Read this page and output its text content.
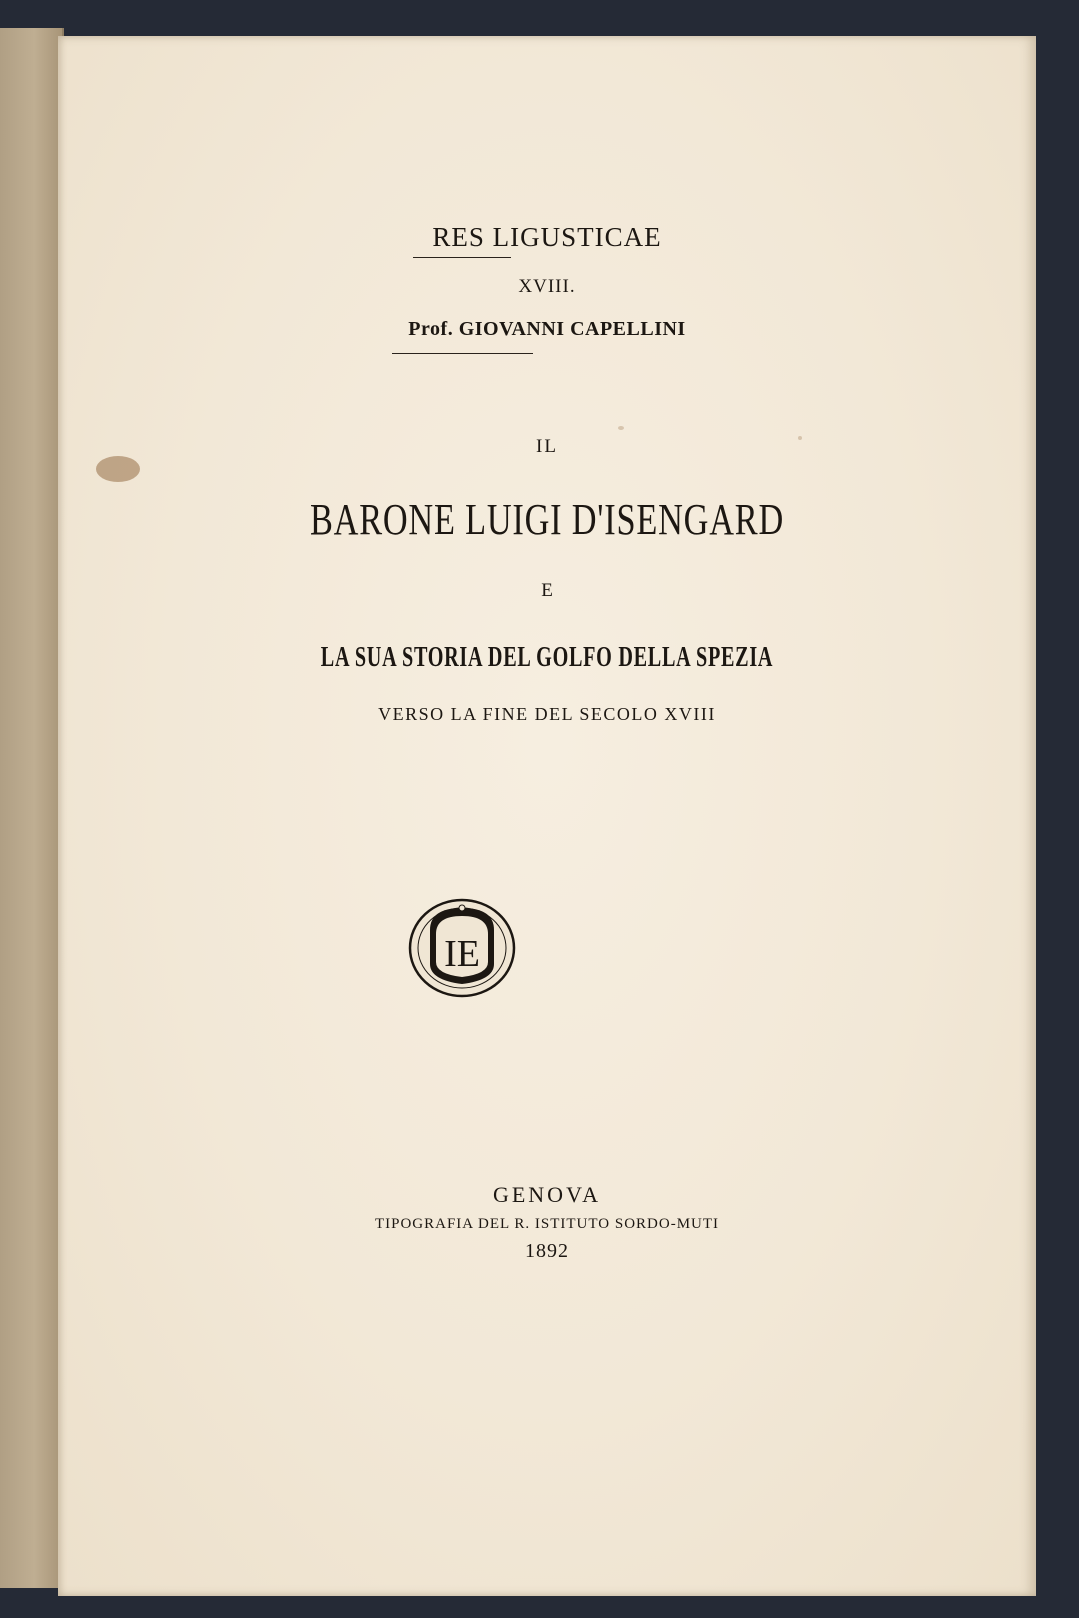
RES LIGUSTICAE
XVIII.
Prof. GIOVANNI CAPELLINI
IL
BARONE LUIGI D'ISENGARD
E
LA SUA STORIA DEL GOLFO DELLA SPEZIA
VERSO LA FINE DEL SECOLO XVIII
IE
GENOVA
TIPOGRAFIA DEL R. ISTITUTO SORDO-MUTI
1892
